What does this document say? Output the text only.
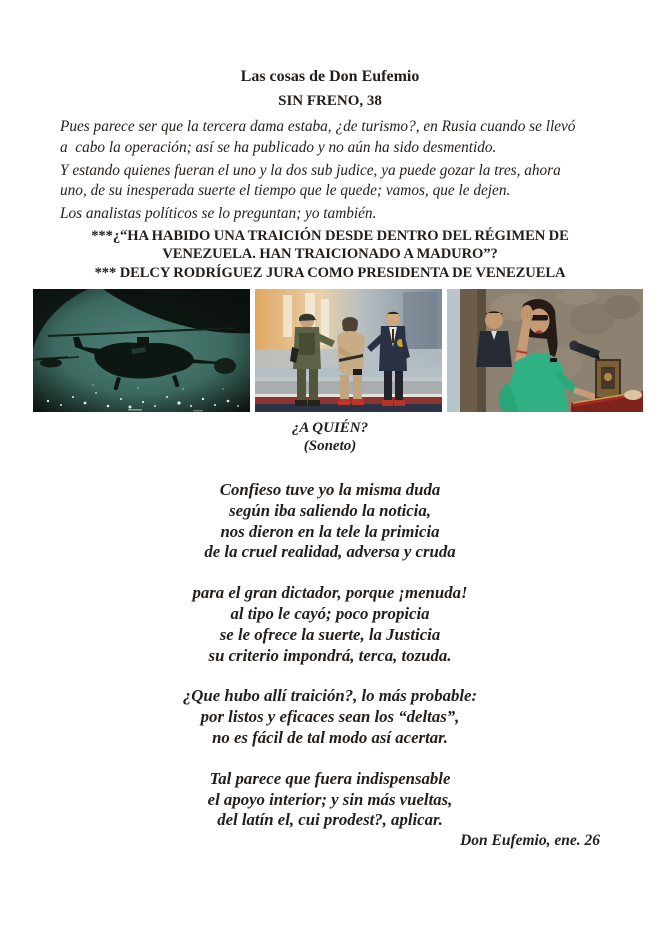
Las cosas de Don Eufemio
SIN FRENO, 38

Pues parece ser que la tercera dama estaba, ¿de turismo?, en Rusia cuando se llevó
a  cabo la operación; así se ha publicado y no aún ha sido desmentido.

Y estando quienes fueran el uno y la dos sub judice, ya puede gozar la tres, ahora
uno, de su inesperada suerte el tiempo que le quede; vamos, que le dejen.

Los analistas políticos se lo preguntan; yo también.

***¿“HA HABIDO UNA TRAICIÓN DESDE DENTRO DEL RÉGIMEN DE
VENEZUELA. HAN TRAICIONADO A MADURO”?
*** DELCY RODRÍGUEZ JURA COMO PRESIDENTA DE VENEZUELA
¿A QUIÉN?
(Soneto)
Confieso tuve yo la misma duda
según iba saliendo la noticia,
nos dieron en la tele la primicia
de la cruel realidad, adversa y cruda
para el gran dictador, porque ¡menuda!
al tipo le cayó; poco propicia
se le ofrece la suerte, la Justicia
su criterio impondrá, terca, tozuda.
¿Que hubo allí traición?, lo más probable:
por listos y eficaces sean los “deltas”,
no es fácil de tal modo así acertar.
Tal parece que fuera indispensable
el apoyo interior; y sin más vueltas,
del latín el, cui prodest?, aplicar.
Don Eufemio, ene. 26
